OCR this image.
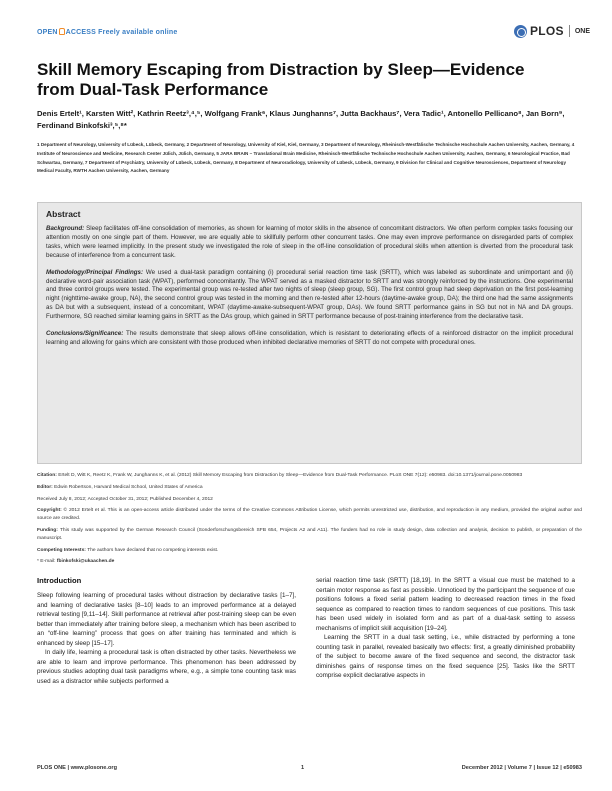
OPEN ACCESS Freely available online	PLOS ONE
Skill Memory Escaping from Distraction by Sleep—Evidence from Dual-Task Performance
Denis Ertelt¹, Karsten Witt², Kathrin Reetz³,⁴,⁵, Wolfgang Frank⁶, Klaus Junghanns⁷, Jutta Backhaus⁷, Vera Tadic¹, Antonello Pellicano⁸, Jan Born⁹, Ferdinand Binkofski³,⁵,⁸*
1 Department of Neurology, University of Lübeck, Lübeck, Germany, 2 Department of Neurology, University of Kiel, Kiel, Germany, 3 Department of Neurology, Rheinisch-Westfälische Technische Hochschule Aachen University, Aachen, Germany, 4 Institute of Neuroscience and Medicine, Research Center Jülich, Jülich, Germany, 5 JARA BRAIN – Translational Brain Medicine, Rheinisch-Westfälische Technische Hochschule Aachen University, Aachen, Germany, 6 Neurological Practice, Bad Schwartau, Germany, 7 Department of Psychiatry, University of Lübeck, Lübeck, Germany, 8 Department of Neuroradiology, University of Lübeck, Lübeck, Germany, 9 Division for Clinical and Cognitive Neurosciences, Department of Neurology Medical Faculty, RWTH Aachen University, Aachen, Germany
Abstract

Background: Sleep facilitates off-line consolidation of memories, as shown for learning of motor skills in the absence of concomitant distractors. We often perform complex tasks focusing our attention mostly on one single part of them. However, we are equally able to skillfully perform other concurrent tasks. One may even improve performance on disregarded parts of complex tasks, which were learned implicitly. In the present study we investigated the role of sleep in the off-line consolidation of procedural skills when attention is diverted from the procedural task because of interference from a concurrent task.

Methodology/Principal Findings: We used a dual-task paradigm containing (i) procedural serial reaction time task (SRTT), which was labeled as subordinate and unimportant and (ii) declarative word-pair association task (WPAT), performed concomitantly. The WPAT served as a masked distractor to SRTT and was strongly reinforced by the instructions. One experimental and three control groups were tested. The experimental group was re-tested after two nights of sleep (sleep group, SG). The first control group had sleep deprivation on the first post-learning night (nighttime-awake group, NA), the second control group was tested in the morning and then re-tested after 12-hours (daytime-awake group, DA); the third one had the same assignments as DA but with a subsequent, instead of a concomitant, WPAT (daytime-awake-subsequent-WPAT group, DAs). We found SRTT performance gains in SG but not in NA and DA groups. Furthermore, SG reached similar learning gains in SRTT as the DAs group, which gained in SRTT performance because of post-training interference from the declarative task.

Conclusions/Significance: The results demonstrate that sleep allows off-line consolidation, which is resistant to deteriorating effects of a reinforced distractor on the implicit procedural learning and allowing for gains which are consistent with those produced when inhibited declarative memories of SRTT do not compete with procedural ones.

Citation: Ertelt D, Witt K, Reetz K, Frank W, Junghanns K, et al. (2012) Skill Memory Escaping from Distraction by Sleep—Evidence from Dual-Task Performance. PLoS ONE 7(12): e50983. doi:10.1371/journal.pone.0050983

Editor: Edwin Robertson, Harvard Medical School, United States of America

Received July 8, 2012; Accepted October 31, 2012; Published December 4, 2012

Copyright: © 2012 Ertelt et al. This is an open-access article distributed under the terms of the Creative Commons Attribution License, which permits unrestricted use, distribution, and reproduction in any medium, provided the original author and source are credited.

Funding: This study was supported by the German Research Council (Sonderforschungsbereich SFB 654, Projects A2 and A11). The funders had no role in study design, data collection and analysis, decision to publish, or preparation of the manuscript.

Competing Interests: The authors have declared that no competing interests exist.

* E-mail: fbinkofski@ukaachen.de

Introduction

Sleep following learning of procedural tasks without distraction by declarative tasks [1–7], and learning of declarative tasks [8–10] leads to an improved performance at a delayed retrieval testing [9,11–14]. Skill performance at retrieval after post-training sleep can be even better than immediately after training before sleep, a mechanism which has been ascribed to an “off-line learning” process that goes on after training has terminated and which is enhanced by sleep [15–17].

In daily life, learning a procedural task is often distracted by other tasks. Nevertheless we are able to learn and improve performance. This phenomenon has been addressed by previous studies adopting dual task paradigms where, e.g., a simple tone counting task was used as a distractor while subjects performed a

serial reaction time task (SRTT) [18,19]. In the SRTT a visual cue must be matched to a certain motor response as fast as possible. Unnoticed by the participant the sequence of cue positions follows a fixed serial pattern leading to decreased reaction times in the fixed sequence as compared to reaction times to random sequences of cue positions. This task has been used widely in isolated form and as part of a dual-task setting to assess mechanisms of implicit skill acquisition [19–24].

Learning the SRTT in a dual task setting, i.e., while distracted by performing a tone counting task in parallel, revealed basically two effects: first, a greatly diminished probability of the subject to become aware of the fixed sequence and second, the distractor task diminishes gains of response times on the fixed sequence [25]. Tasks like the SRTT comprise explicit declarative aspects in

PLOS ONE | www.plosone.org	1	December 2012 | Volume 7 | Issue 12 | e50983
